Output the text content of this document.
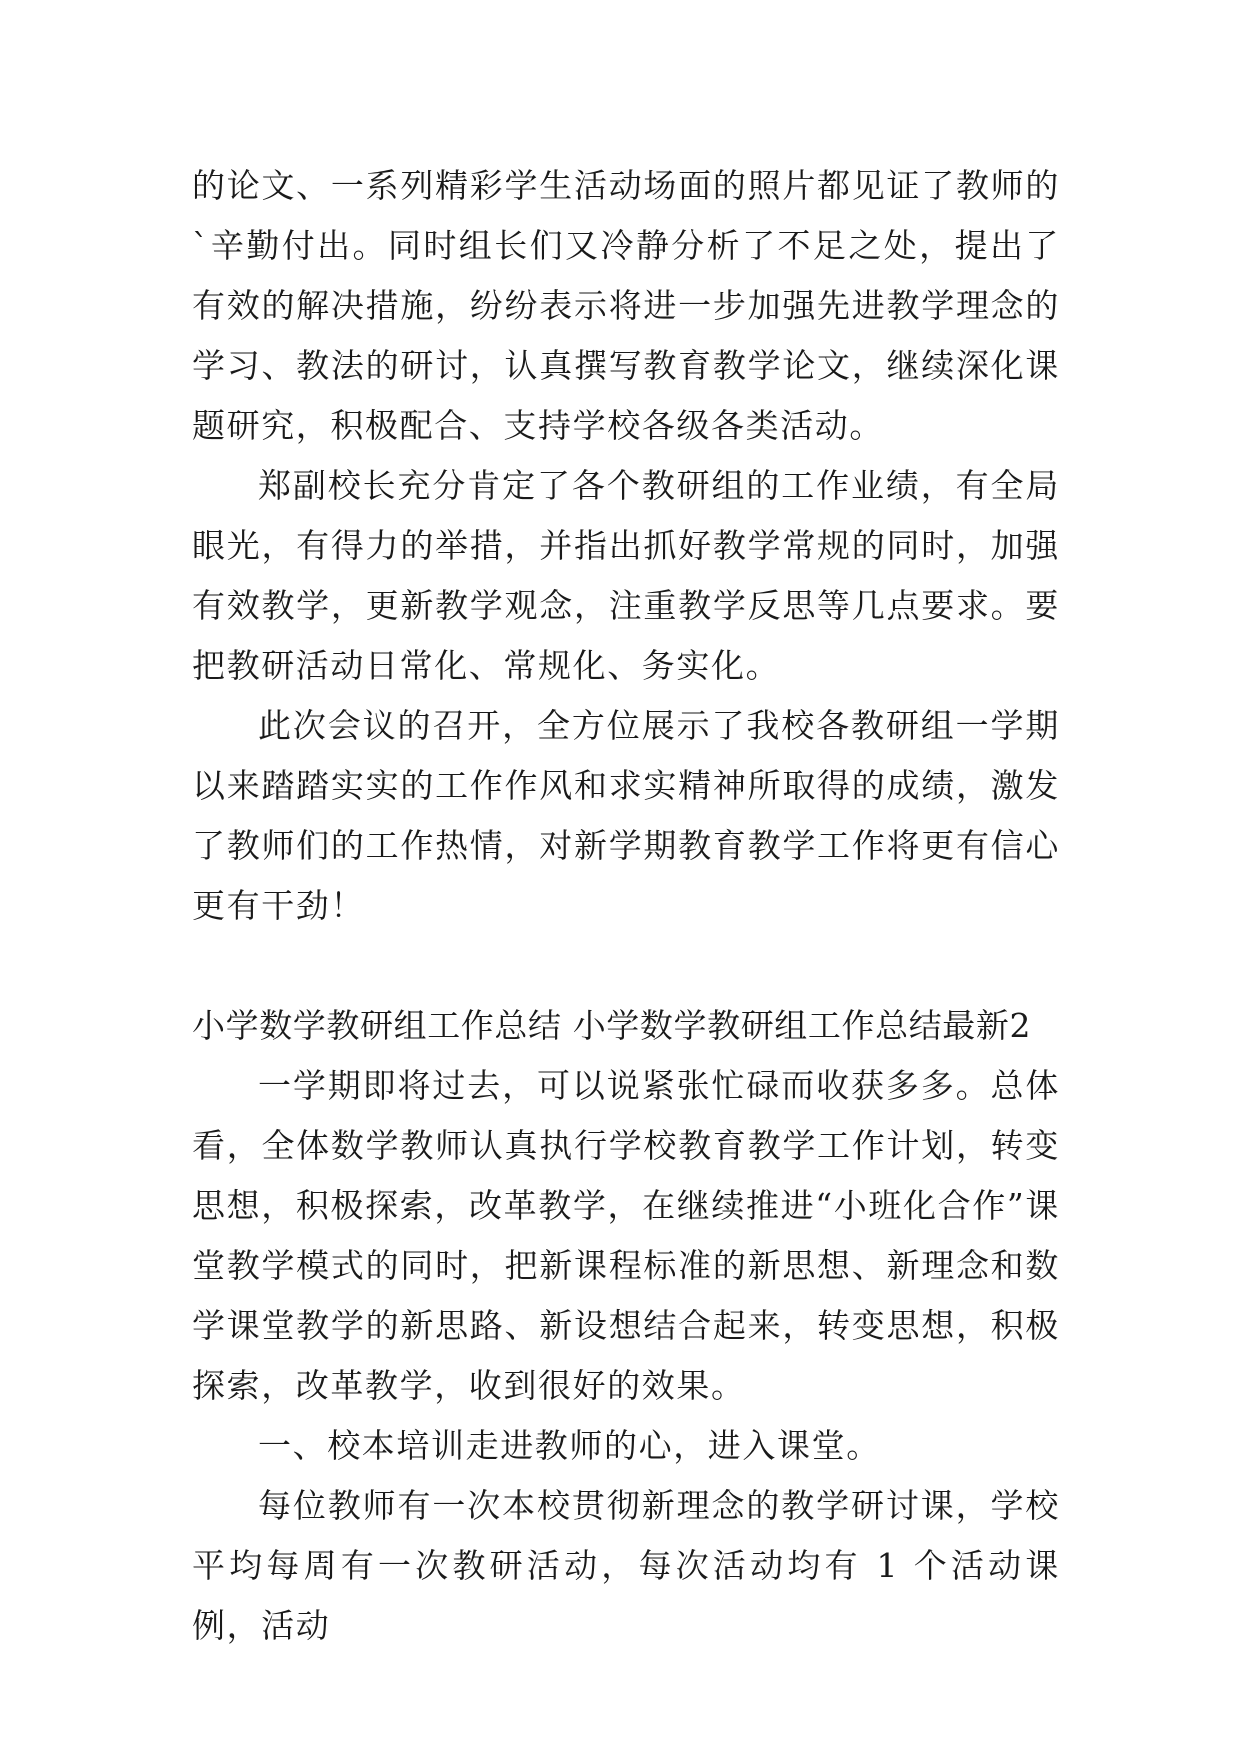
的论文、一系列精彩学生活动场面的照片都见证了教师的`辛勤付出。同时组长们又冷静分析了不足之处，提出了有效的解决措施，纷纷表示将进一步加强先进教学理念的学习、教法的研讨，认真撰写教育教学论文，继续深化课题研究，积极配合、支持学校各级各类活动。

郑副校长充分肯定了各个教研组的工作业绩，有全局眼光，有得力的举措，并指出抓好教学常规的同时，加强有效教学，更新教学观念，注重教学反思等几点要求。要把教研活动日常化、常规化、务实化。

此次会议的召开，全方位展示了我校各教研组一学期以来踏踏实实的工作作风和求实精神所取得的成绩，激发了教师们的工作热情，对新学期教育教学工作将更有信心更有干劲！

小学数学教研组工作总结 小学数学教研组工作总结最新2

一学期即将过去，可以说紧张忙碌而收获多多。总体看，全体数学教师认真执行学校教育教学工作计划，转变思想，积极探索，改革教学，在继续推进“小班化合作”课堂教学模式的同时，把新课程标准的新思想、新理念和数学课堂教学的新思路、新设想结合起来，转变思想，积极探索，改革教学，收到很好的效果。

一、校本培训走进教师的心，进入课堂。

每位教师有一次本校贯彻新理念的教学研讨课，学校平均每周有一次教研活动，每次活动均有 1 个活动课例，活动
